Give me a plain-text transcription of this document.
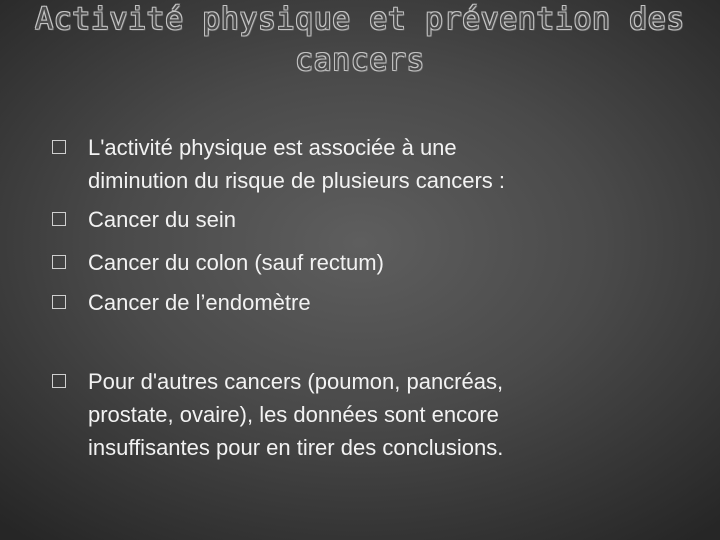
Activité physique et prévention des
cancers
L'activité physique est associée à une
diminution du risque de plusieurs cancers :
Cancer du sein
Cancer du colon (sauf rectum)
Cancer de l’endomètre
Pour d'autres cancers (poumon, pancréas,
prostate, ovaire), les données sont encore
insuffisantes pour en tirer des conclusions.
